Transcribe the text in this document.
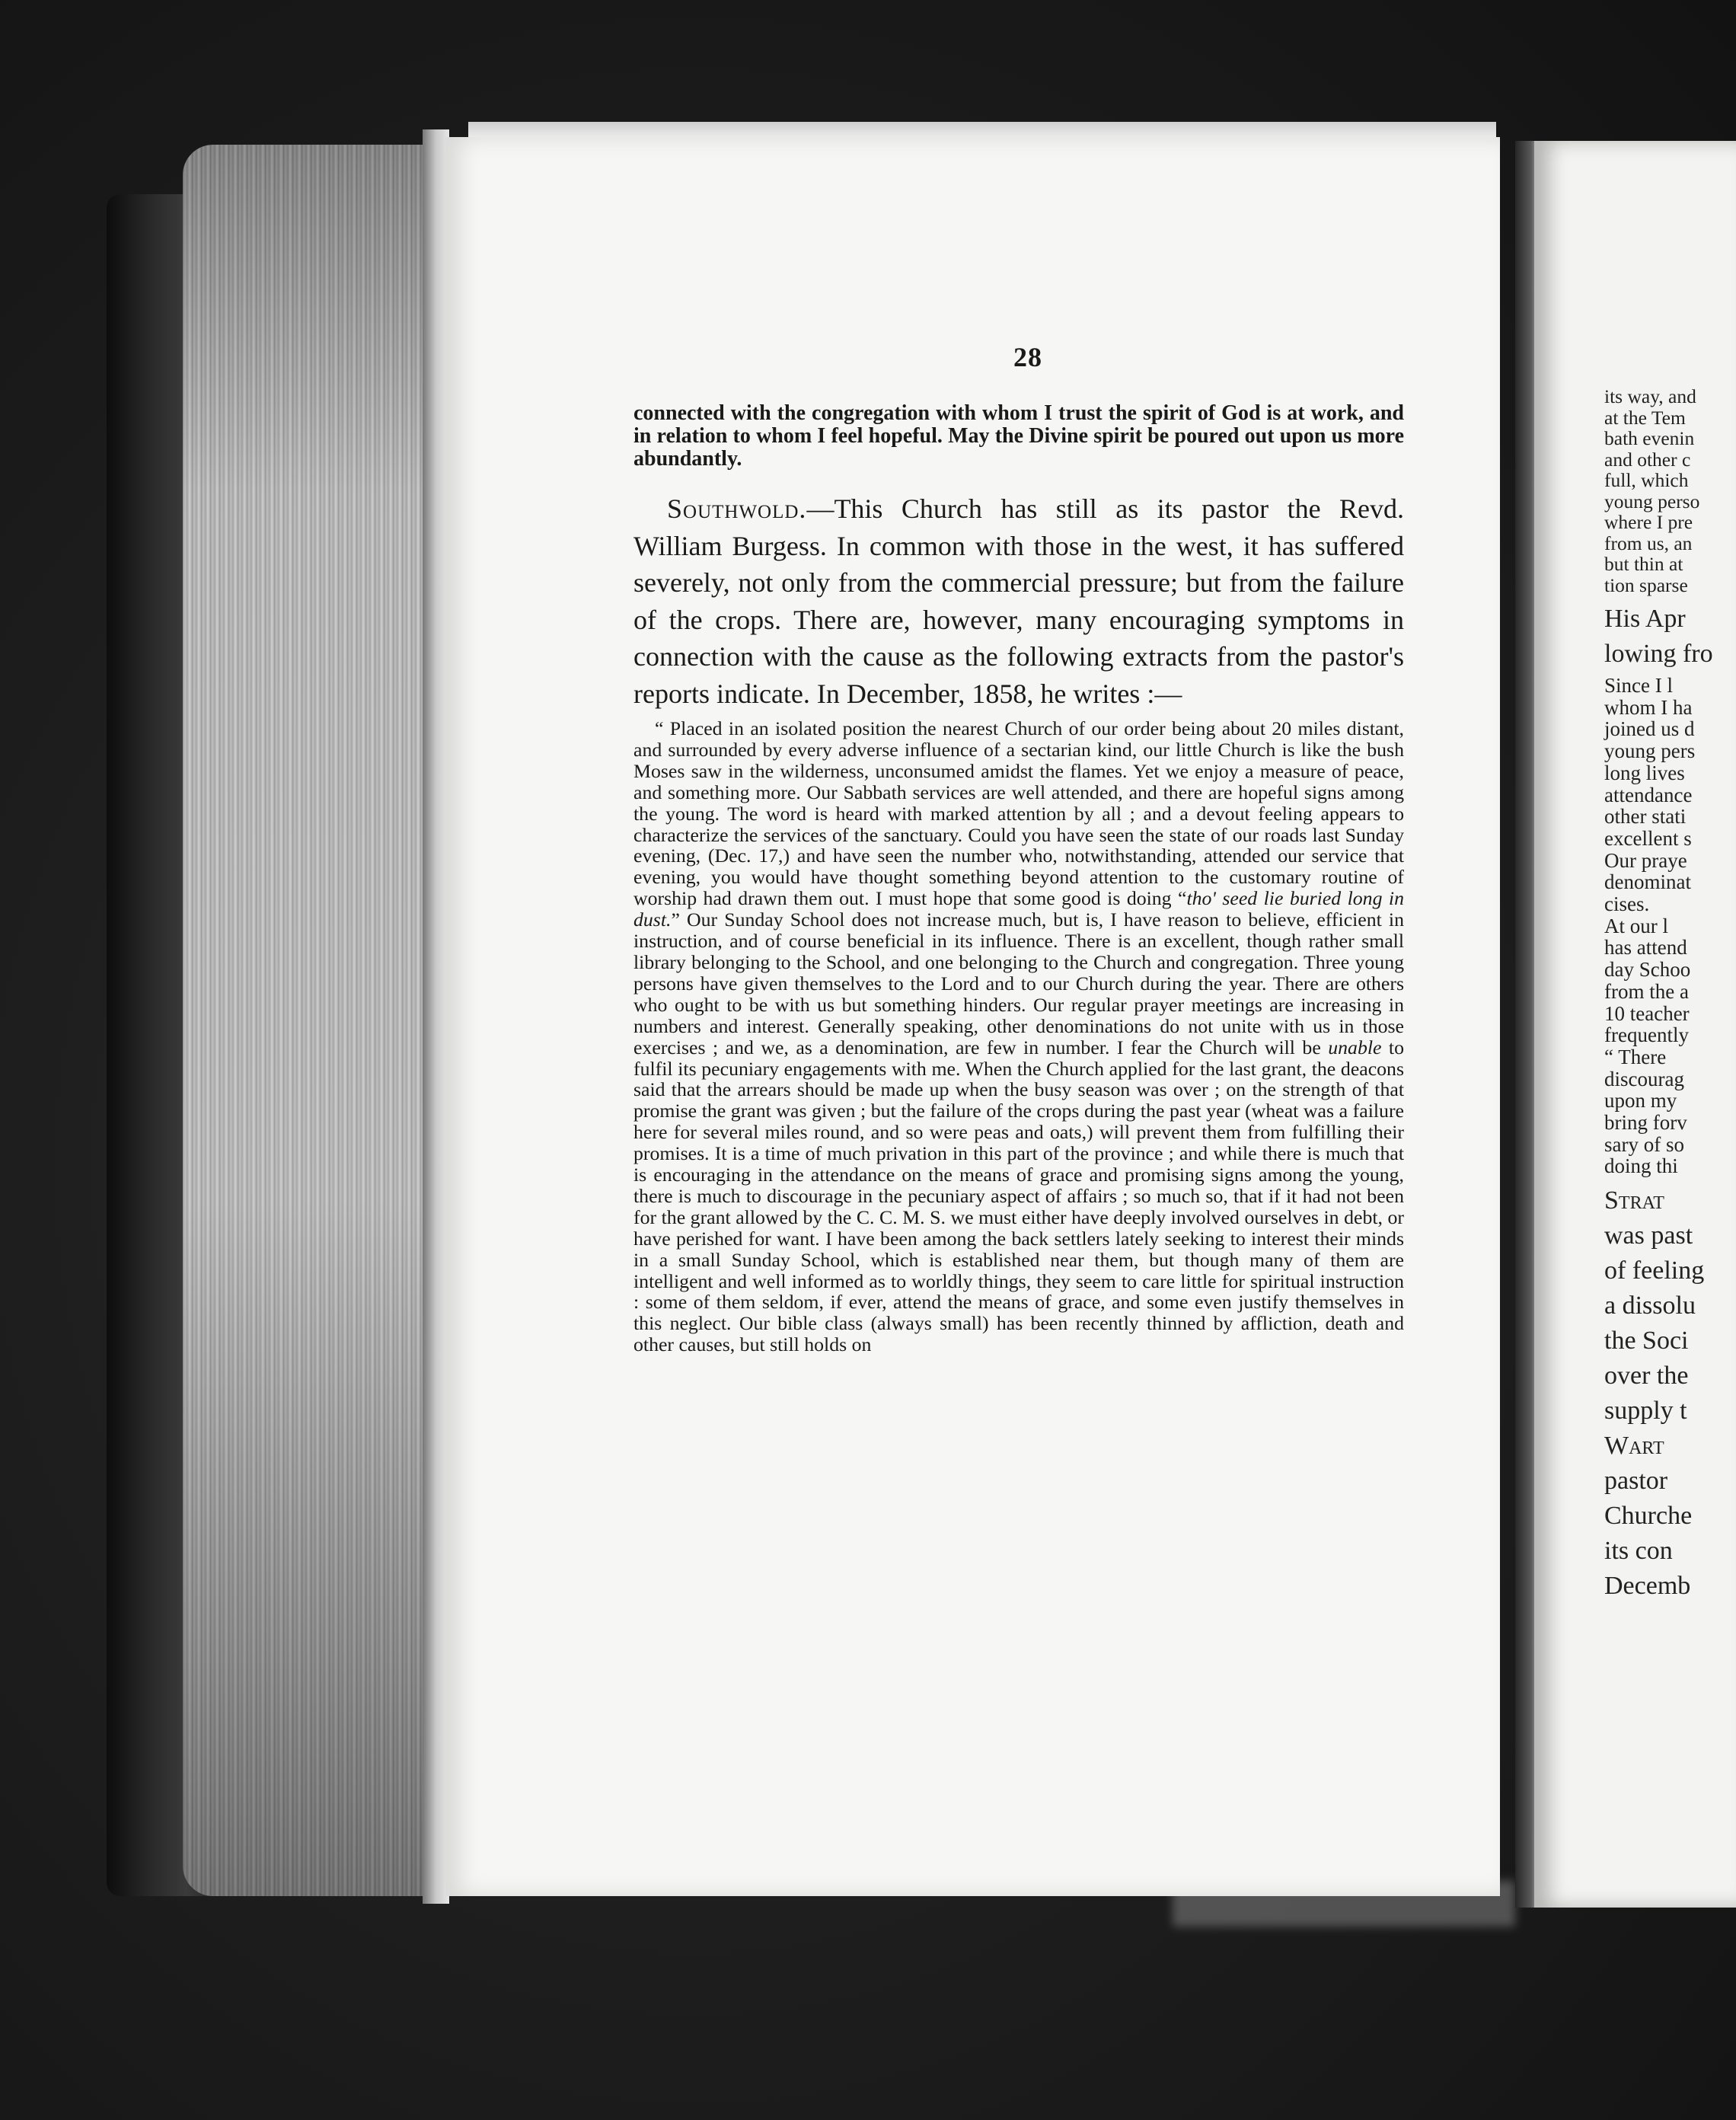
28

connected with the congregation with whom I trust the spirit of God is at work, and in relation to whom I feel hopeful. May the Divine spirit be poured out upon us more abundantly.

Southwold.—This Church has still as its pastor the Revd. William Burgess. In common with those in the west, it has suffered severely, not only from the commercial pressure; but from the failure of the crops. There are, however, many encouraging symptoms in connection with the cause as the following extracts from the pastor's reports indicate. In December, 1858, he writes :—

“ Placed in an isolated position the nearest Church of our order being about 20 miles distant, and surrounded by every adverse influence of a sectarian kind, our little Church is like the bush Moses saw in the wilderness, unconsumed amidst the flames. Yet we enjoy a measure of peace, and something more. Our Sabbath services are well attended, and there are hopeful signs among the young. The word is heard with marked attention by all ; and a devout feeling appears to characterize the services of the sanctuary. Could you have seen the state of our roads last Sunday evening, (Dec. 17,) and have seen the number who, notwithstanding, attended our service that evening, you would have thought something beyond attention to the customary routine of worship had drawn them out. I must hope that some good is doing “tho' seed lie buried long in dust.” Our Sunday School does not increase much, but is, I have reason to believe, efficient in instruction, and of course beneficial in its influence. There is an excellent, though rather small library belonging to the School, and one belonging to the Church and congregation. Three young persons have given themselves to the Lord and to our Church during the year. There are others who ought to be with us but something hinders. Our regular prayer meetings are increasing in numbers and interest. Generally speaking, other denominations do not unite with us in those exercises ; and we, as a denomination, are few in number. I fear the Church will be unable to fulfil its pecuniary engagements with me. When the Church applied for the last grant, the deacons said that the arrears should be made up when the busy season was over ; on the strength of that promise the grant was given ; but the failure of the crops during the past year (wheat was a failure here for several miles round, and so were peas and oats,) will prevent them from fulfilling their promises. It is a time of much privation in this part of the province ; and while there is much that is encouraging in the attendance on the means of grace and promising signs among the young, there is much to discourage in the pecuniary aspect of affairs ; so much so, that if it had not been for the grant allowed by the C. C. M. S. we must either have deeply involved ourselves in debt, or have perished for want. I have been among the back settlers lately seeking to interest their minds in a small Sunday School, which is established near them, but though many of them are intelligent and well informed as to worldly things, they seem to care little for spiritual instruction : some of them seldom, if ever, attend the means of grace, and some even justify themselves in this neglect. Our bible class (always small) has been recently thinned by affliction, death and other causes, but still holds on

its way, and
at the Tem
bath evenin
and other c
full, which
young perso
where I pre
from us, an
but thin at
tion sparse
His Apr
lowing fro
Since I l
whom I ha
joined us d
young pers
long lives
attendance
other stati
excellent s
Our praye
denominat
cises.
At our l
has attend
day Schoo
from the a
10 teacher
frequently
“ There
discourag
upon my
bring forv
sary of so
doing thi
Strat
was past
of feeling
a dissolu
the Soci
over the
supply t
Wart
pastor
Churche
its con
Decemb
